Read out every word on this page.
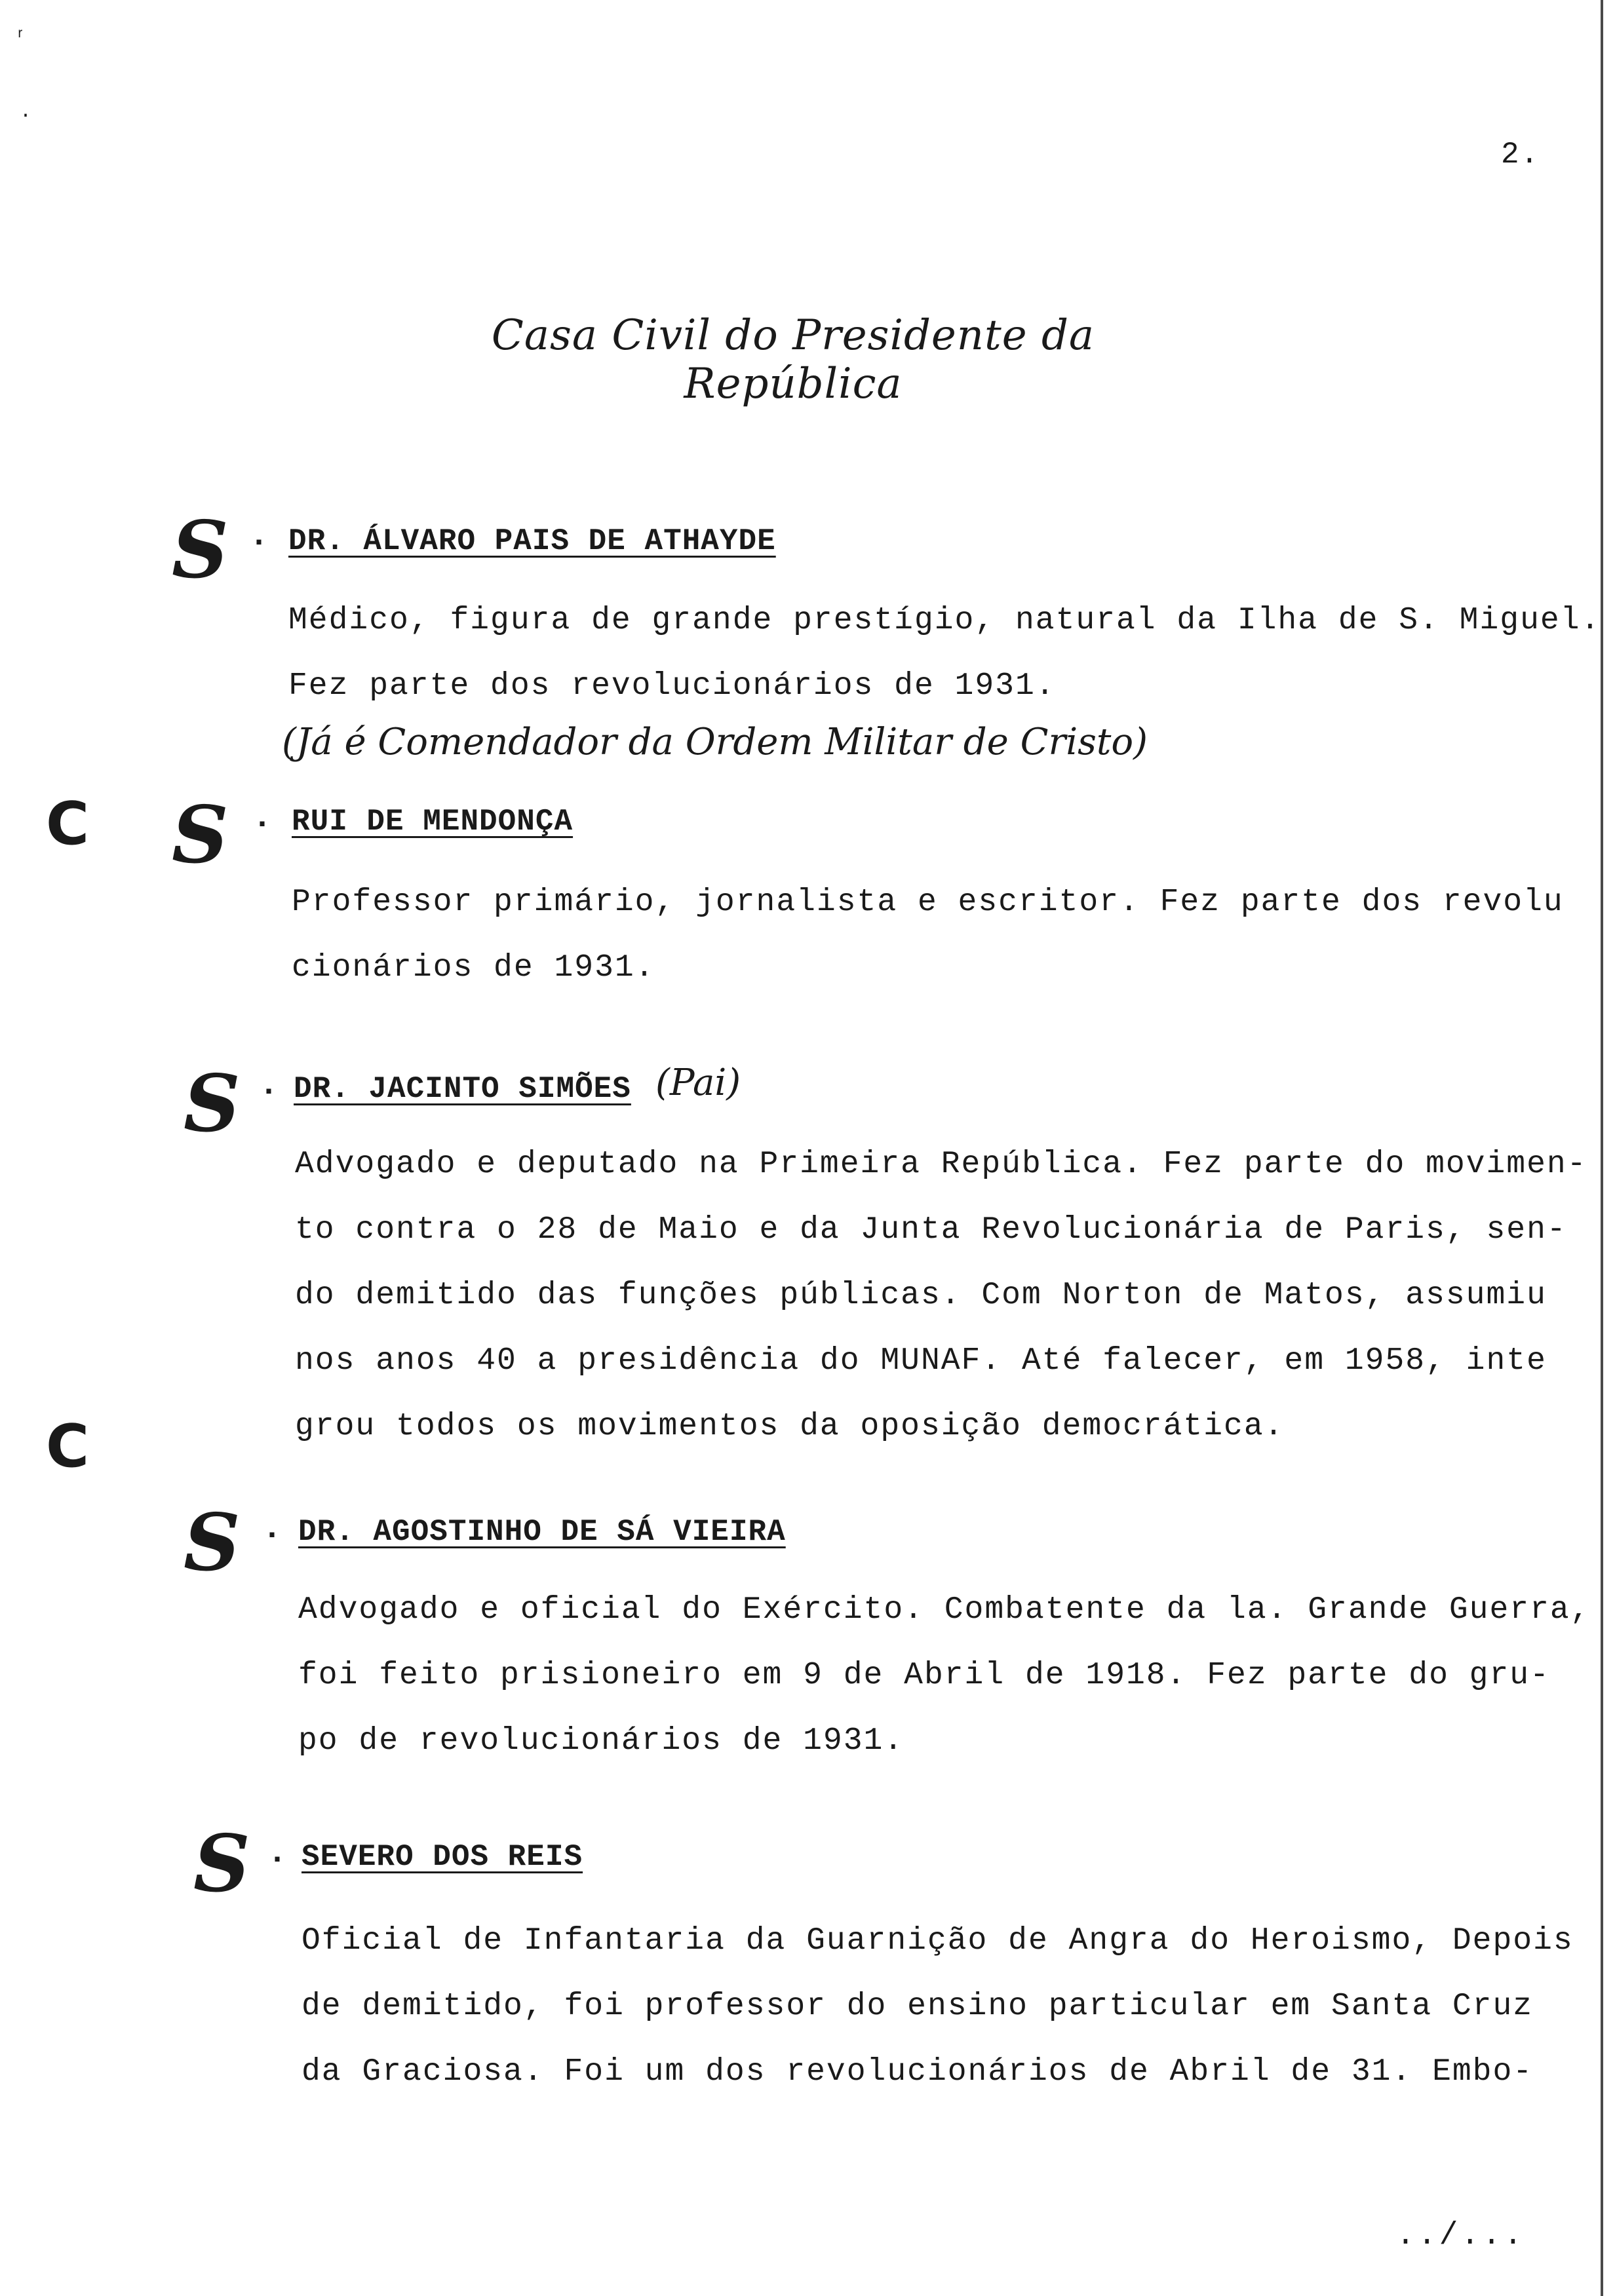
ʳ
·
2.
Casa Civil do Presidente da República
S · DR. ÁLVARO PAIS DE ATHAYDE
Médico, figura de grande prestígio, natural da Ilha de S. Miguel.
Fez parte dos revolucionários de 1931.
(Já é Comendador da Ordem Militar de Cristo)
C S · RUI DE MENDONÇA
Professor primário, jornalista e escritor. Fez parte dos revolu
cionários de 1931.
S · DR. JACINTO SIMÕES (Pai)
C
Advogado e deputado na Primeira República. Fez parte do movimen-
to contra o 28 de Maio e da Junta Revolucionária de Paris, sen-
do demitido das funções públicas. Com Norton de Matos, assumiu
nos anos 40 a presidência do MUNAF. Até falecer, em 1958, inte
grou todos os movimentos da oposição democrática.
S · DR. AGOSTINHO DE SÁ VIEIRA
Advogado e oficial do Exército. Combatente da la. Grande Guerra,
foi feito prisioneiro em 9 de Abril de 1918. Fez parte do gru-
po de revolucionários de 1931.
S · SEVERO DOS REIS
Oficial de Infantaria da Guarnição de Angra do Heroismo, Depois
de demitido, foi professor do ensino particular em Santa Cruz
da Graciosa. Foi um dos revolucionários de Abril de 31. Embo-
../...
